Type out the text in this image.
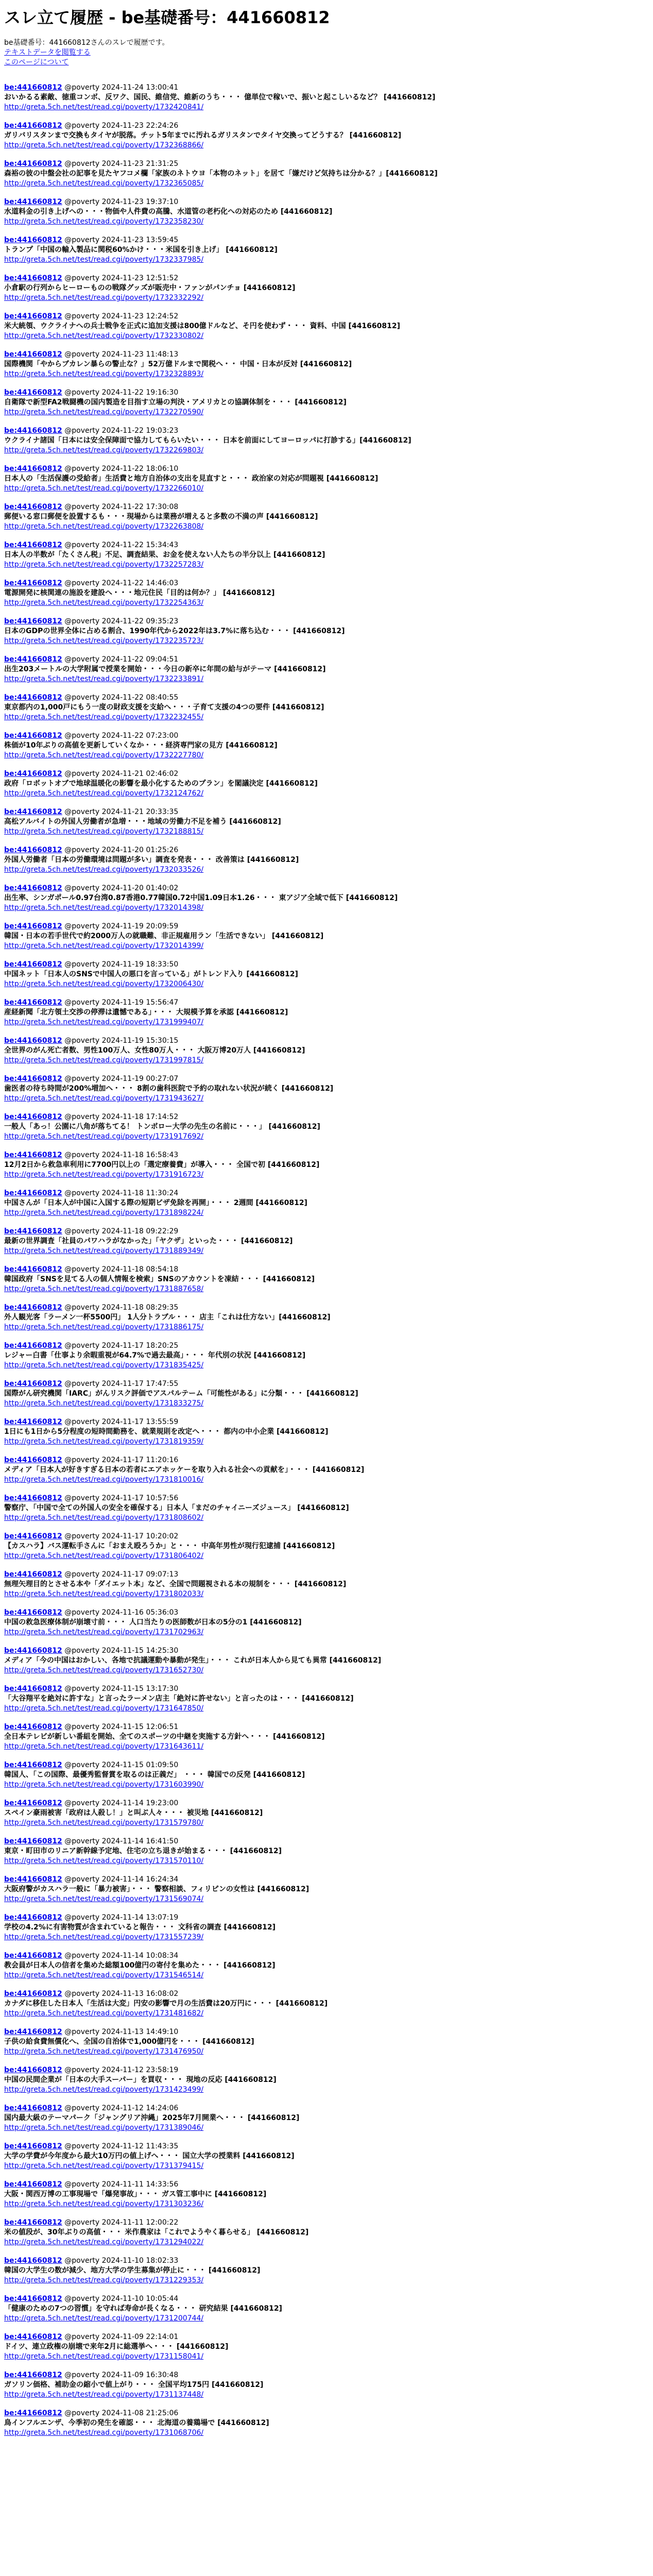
スレ立て履歴 - be基礎番号：441660812
be基礎番号：441660812さんのスレで履歴です。
テキストデータを閲覧する
このページについて
be:441660812 @poverty 2024-11-24 13:00:41
おいかるる素敵、徳重コンボ、反ワク、国民、維信党、維新のうち・・・ 億単位で稼いで、振いと起こしいるなど？ [441660812]
http://greta.5ch.net/test/read.cgi/poverty/1732420841/
be:441660812 @poverty 2024-11-23 22:24:26
ガリバリスタンまで交換もタイヤが脱落。チット5年までに汚れるガリスタンでタイヤ交換ってどうする？ [441660812]
http://greta.5ch.net/test/read.cgi/poverty/1732368866/
be:441660812 @poverty 2024-11-23 21:31:25
森裕の彼の中盤会社の記事を見たヤフコメ欄「家族のネトウヨ「本物のネット」を居て「嫌だけど気持ちは分かる？」[441660812]
http://greta.5ch.net/test/read.cgi/poverty/1732365085/
be:441660812 @poverty 2024-11-23 19:37:10
水道料金の引き上げへの・・・物価や人件費の高騰、水道管の老朽化への対応のため [441660812]
http://greta.5ch.net/test/read.cgi/poverty/1732358230/
be:441660812 @poverty 2024-11-23 13:59:45
トランプ「中国の輸入製品に関税60%かけ・・・米国を引き上げ」 [441660812]
http://greta.5ch.net/test/read.cgi/poverty/1732337985/
be:441660812 @poverty 2024-11-23 12:51:52
小倉駅の行列からヒーローものの戦隊グッズが販売中・ファンがパンチョ [441660812]
http://greta.5ch.net/test/read.cgi/poverty/1732332292/
be:441660812 @poverty 2024-11-23 12:24:52
米大統領、ウクライナへの兵士戦争を正式に追加支援は800億ドルなど、そ円を使わず・・・ 資料、中国 [441660812]
http://greta.5ch.net/test/read.cgi/poverty/1732330802/
be:441660812 @poverty 2024-11-23 11:48:13
国際機関「やからブカレン暴らの警止な？」52万億ドルまで関税へ・・ 中国・日本が反対 [441660812]
http://greta.5ch.net/test/read.cgi/poverty/1732328893/
be:441660812 @poverty 2024-11-22 19:16:30
自衛隊で新型FA2戦闘機の国内製造を目指す立場の判決・アメリカとの協調体制を・・・ [441660812]
http://greta.5ch.net/test/read.cgi/poverty/1732270590/
be:441660812 @poverty 2024-11-22 19:03:23
ウクライナ諸国「日本には安全保障面で協力してもらいたい・・・ 日本を前面にしてヨーロッパに打診する」[441660812]
http://greta.5ch.net/test/read.cgi/poverty/1732269803/
be:441660812 @poverty 2024-11-22 18:06:10
日本人の「生活保護の受給者」生活費と地方自治体の支出を見直すと・・・ 政治家の対応が問題視 [441660812]
http://greta.5ch.net/test/read.cgi/poverty/1732266010/
be:441660812 @poverty 2024-11-22 17:30:08
郵便いる窓口郵便を設置するも・・・現場からは業務が増えると多数の不満の声 [441660812]
http://greta.5ch.net/test/read.cgi/poverty/1732263808/
be:441660812 @poverty 2024-11-22 15:34:43
日本人の半数が「たくさん税」不足、調査結果、お金を使えない人たちの半分以上 [441660812]
http://greta.5ch.net/test/read.cgi/poverty/1732257283/
be:441660812 @poverty 2024-11-22 14:46:03
電源開発に核関連の施設を建設へ・・・地元住民「目的は何か？」 [441660812]
http://greta.5ch.net/test/read.cgi/poverty/1732254363/
be:441660812 @poverty 2024-11-22 09:35:23
日本のGDPの世界全体に占める割合、1990年代から2022年は3.7%に落ち込む・・・ [441660812]
http://greta.5ch.net/test/read.cgi/poverty/1732235723/
be:441660812 @poverty 2024-11-22 09:04:51
出生203メートルの大学附属で授業を開始・・・今日の新卒に年間の給与がテーマ [441660812]
http://greta.5ch.net/test/read.cgi/poverty/1732233891/
be:441660812 @poverty 2024-11-22 08:40:55
東京都内の1,000戸にもう一度の財政支援を支給へ・・・子育て支援の4つの要件 [441660812]
http://greta.5ch.net/test/read.cgi/poverty/1732232455/
be:441660812 @poverty 2024-11-22 07:23:00
株価が10年ぶりの高値を更新していくなか・・・経済専門家の見方 [441660812]
http://greta.5ch.net/test/read.cgi/poverty/1732227780/
be:441660812 @poverty 2024-11-21 02:46:02
政府「ロボットオブで地球温暖化の影響を最小化するためのプラン」を閣議決定 [441660812]
http://greta.5ch.net/test/read.cgi/poverty/1732124762/
be:441660812 @poverty 2024-11-21 20:33:35
高松アルバイトの外国人労働者が急増・・・地域の労働力不足を補う [441660812]
http://greta.5ch.net/test/read.cgi/poverty/1732188815/
be:441660812 @poverty 2024-11-20 01:25:26
外国人労働者「日本の労働環境は問題が多い」調査を発表・・・ 改善策は [441660812]
http://greta.5ch.net/test/read.cgi/poverty/1732033526/
be:441660812 @poverty 2024-11-20 01:40:02
出生率、シンガポール0.97台湾0.87香港0.77韓国0.72中国1.09日本1.26・・・ 東アジア全域で低下 [441660812]
http://greta.5ch.net/test/read.cgi/poverty/1732014398/
be:441660812 @poverty 2024-11-19 20:09:59
韓国・日本の若手世代で約2000万人の就職難、非正規雇用ラン「生活できない」 [441660812]
http://greta.5ch.net/test/read.cgi/poverty/1732014399/
be:441660812 @poverty 2024-11-19 18:33:50
中国ネット「日本人のSNSで中国人の悪口を言っている」がトレンド入り [441660812]
http://greta.5ch.net/test/read.cgi/poverty/1732006430/
be:441660812 @poverty 2024-11-19 15:56:47
産経新聞「北方領土交渉の停滞は遺憾である」・・・ 大規模予算を承認 [441660812]
http://greta.5ch.net/test/read.cgi/poverty/1731999407/
be:441660812 @poverty 2024-11-19 15:30:15
全世界のがん死亡者数、男性100万人、女性80万人・・・ 大阪万博20万人 [441660812]
http://greta.5ch.net/test/read.cgi/poverty/1731997815/
be:441660812 @poverty 2024-11-19 00:27:07
歯医者の待ち時間が200%増加へ・・・ 8割の歯科医院で予約の取れない状況が続く [441660812]
http://greta.5ch.net/test/read.cgi/poverty/1731943627/
be:441660812 @poverty 2024-11-18 17:14:52
一般人「あっ！公園に八角が落ちてる！ トンボロー大学の先生の名前に・・・」 [441660812]
http://greta.5ch.net/test/read.cgi/poverty/1731917692/
be:441660812 @poverty 2024-11-18 16:58:43
12月2日から救急車利用に7700円以上の「選定療養費」が導入・・・ 全国で初 [441660812]
http://greta.5ch.net/test/read.cgi/poverty/1731916723/
be:441660812 @poverty 2024-11-18 11:30:24
中国さんが「日本人が中国に入国する際の短期ビザ免除を再開」・・・ 2週間 [441660812]
http://greta.5ch.net/test/read.cgi/poverty/1731898224/
be:441660812 @poverty 2024-11-18 09:22:29
最新の世界調査「社員のパワハラがなかった」「ヤクザ」といった・・・ [441660812]
http://greta.5ch.net/test/read.cgi/poverty/1731889349/
be:441660812 @poverty 2024-11-18 08:54:18
韓国政府「SNSを見てる人の個人情報を検索」SNSのアカウントを凍結・・・ [441660812]
http://greta.5ch.net/test/read.cgi/poverty/1731887658/
be:441660812 @poverty 2024-11-18 08:29:35
外人観光客「ラーメン一杯5500円」 1人分トラブル・・・ 店主「これは仕方ない」[441660812]
http://greta.5ch.net/test/read.cgi/poverty/1731886175/
be:441660812 @poverty 2024-11-17 18:20:25
レジャー白書「仕事より余暇重視が64.7%で過去最高」・・・ 年代別の状況 [441660812]
http://greta.5ch.net/test/read.cgi/poverty/1731835425/
be:441660812 @poverty 2024-11-17 17:47:55
国際がん研究機関「IARC」がんリスク評価でアスパルテーム「可能性がある」に分類・・・ [441660812]
http://greta.5ch.net/test/read.cgi/poverty/1731833275/
be:441660812 @poverty 2024-11-17 13:55:59
1日にも1日から5分程度の短時間勤務を、就業規則を改定へ・・・ 都内の中小企業 [441660812]
http://greta.5ch.net/test/read.cgi/poverty/1731819359/
be:441660812 @poverty 2024-11-17 11:20:16
メディア「日本人が好きすぎる日本の若者にエアホッケーを取り入れる社会への貢献を」・・・ [441660812]
http://greta.5ch.net/test/read.cgi/poverty/1731810016/
be:441660812 @poverty 2024-11-17 10:57:56
警察庁、「中国で全ての外国人の安全を確保する」日本人「まだのチャイニーズジュース」 [441660812]
http://greta.5ch.net/test/read.cgi/poverty/1731808602/
be:441660812 @poverty 2024-11-17 10:20:02
【カスハラ】バス運転手さんに「おまえ殴ろうか」と・・・ 中高年男性が現行犯逮捕 [441660812]
http://greta.5ch.net/test/read.cgi/poverty/1731806402/
be:441660812 @poverty 2024-11-17 09:07:13
無理矢理目的とさせる本や「ダイエット本」など、全国で問題視される本の規制を・・・ [441660812]
http://greta.5ch.net/test/read.cgi/poverty/1731802033/
be:441660812 @poverty 2024-11-16 05:36:03
中国の救急医療体制が崩壊寸前・・・ 人口当たりの医師数が日本の5分の1 [441660812]
http://greta.5ch.net/test/read.cgi/poverty/1731702963/
be:441660812 @poverty 2024-11-15 14:25:30
メディア「今の中国はおかしい、各地で抗議運動や暴動が発生」・・・ これが日本人から見ても異常 [441660812]
http://greta.5ch.net/test/read.cgi/poverty/1731652730/
be:441660812 @poverty 2024-11-15 13:17:30
「大谷翔平を絶対に許すな」と言ったラーメン店主「絶対に許せない」と言ったのは・・・ [441660812]
http://greta.5ch.net/test/read.cgi/poverty/1731647850/
be:441660812 @poverty 2024-11-15 12:06:51
全日本テレビが新しい番組を開始、全てのスポーツの中継を実施する方針へ・・・ [441660812]
http://greta.5ch.net/test/read.cgi/poverty/1731643611/
be:441660812 @poverty 2024-11-15 01:09:50
韓国人、「この国際、最優秀監督賞を取るのは正義だ」 ・・・ 韓国での反発 [441660812]
http://greta.5ch.net/test/read.cgi/poverty/1731603990/
be:441660812 @poverty 2024-11-14 19:23:00
スペイン豪雨被害「政府は人殺し！」と叫ぶ人々・・・ 被災地 [441660812]
http://greta.5ch.net/test/read.cgi/poverty/1731579780/
be:441660812 @poverty 2024-11-14 16:41:50
東京・町田市のリニア新幹線予定地、住宅の立ち退きが始まる・・・ [441660812]
http://greta.5ch.net/test/read.cgi/poverty/1731570110/
be:441660812 @poverty 2024-11-14 16:24:34
大阪府警がカスハラ一般に「暴力被害」・・・ 警察相談、フィリピンの女性は [441660812]
http://greta.5ch.net/test/read.cgi/poverty/1731569074/
be:441660812 @poverty 2024-11-14 13:07:19
学校の4.2%に有害物質が含まれていると報告・・・ 文科省の調査 [441660812]
http://greta.5ch.net/test/read.cgi/poverty/1731557239/
be:441660812 @poverty 2024-11-14 10:08:34
教会員が日本人の信者を集めた総額100億円の寄付を集めた・・・ [441660812]
http://greta.5ch.net/test/read.cgi/poverty/1731546514/
be:441660812 @poverty 2024-11-13 16:08:02
カナダに移住した日本人「生活は大変」円安の影響で月の生活費は20万円に・・・ [441660812]
http://greta.5ch.net/test/read.cgi/poverty/1731481682/
be:441660812 @poverty 2024-11-13 14:49:10
子供の給食費無償化へ、全国の自治体で1,000億円を・・・ [441660812]
http://greta.5ch.net/test/read.cgi/poverty/1731476950/
be:441660812 @poverty 2024-11-12 23:58:19
中国の民間企業が「日本の大手スーパー」を買収・・・ 現地の反応 [441660812]
http://greta.5ch.net/test/read.cgi/poverty/1731423499/
be:441660812 @poverty 2024-11-12 14:24:06
国内最大級のテーマパーク「ジャングリア沖縄」2025年7月開業へ・・・ [441660812]
http://greta.5ch.net/test/read.cgi/poverty/1731389046/
be:441660812 @poverty 2024-11-12 11:43:35
大学の学費が今年度から最大10万円の値上げへ・・・ 国立大学の授業料 [441660812]
http://greta.5ch.net/test/read.cgi/poverty/1731379415/
be:441660812 @poverty 2024-11-11 14:33:56
大阪・関西万博の工事現場で「爆発事故」・・・ ガス管工事中に [441660812]
http://greta.5ch.net/test/read.cgi/poverty/1731303236/
be:441660812 @poverty 2024-11-11 12:00:22
米の値段が、30年ぶりの高値・・・ 米作農家は「これでようやく暮らせる」 [441660812]
http://greta.5ch.net/test/read.cgi/poverty/1731294022/
be:441660812 @poverty 2024-11-10 18:02:33
韓国の大学生の数が減少、地方大学の学生募集が停止に・・・ [441660812]
http://greta.5ch.net/test/read.cgi/poverty/1731229353/
be:441660812 @poverty 2024-11-10 10:05:44
「健康のための7つの習慣」を守れば寿命が長くなる・・・ 研究結果 [441660812]
http://greta.5ch.net/test/read.cgi/poverty/1731200744/
be:441660812 @poverty 2024-11-09 22:14:01
ドイツ、連立政権の崩壊で来年2月に総選挙へ・・・ [441660812]
http://greta.5ch.net/test/read.cgi/poverty/1731158041/
be:441660812 @poverty 2024-11-09 16:30:48
ガソリン価格、補助金の縮小で値上がり・・・ 全国平均175円 [441660812]
http://greta.5ch.net/test/read.cgi/poverty/1731137448/
be:441660812 @poverty 2024-11-08 21:25:06
鳥インフルエンザ、今季初の発生を確認・・・ 北海道の養鶏場で [441660812]
http://greta.5ch.net/test/read.cgi/poverty/1731068706/
